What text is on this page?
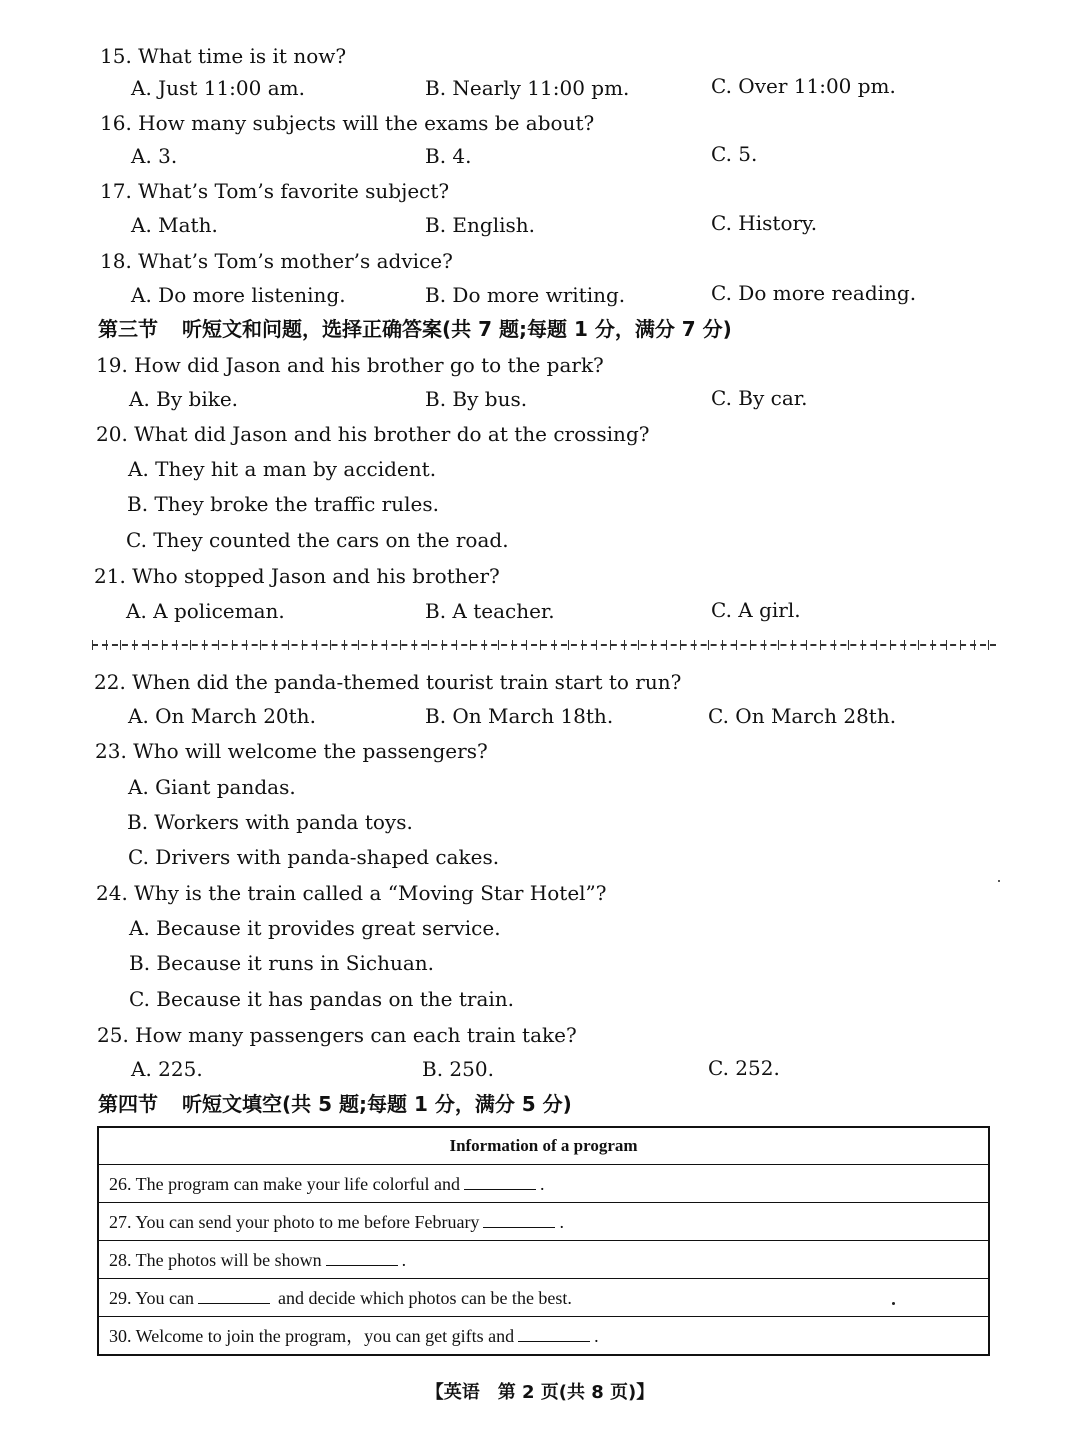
15. What time is it now?
A. Just 11:00 am.	B. Nearly 11:00 pm.	C. Over 11:00 pm.
16. How many subjects will the exams be about?
A. 3.	B. 4.	C. 5.
17. What’s Tom’s favorite subject?
A. Math.	B. English.	C. History.
18. What’s Tom’s mother’s advice?
A. Do more listening.	B. Do more writing.	C. Do more reading.
第三节 听短文和问题，选择正确答案(共 7 题;每题 1 分，满分 7 分)
19. How did Jason and his brother go to the park?
A. By bike.	B. By bus.	C. By car.
20. What did Jason and his brother do at the crossing?
A. They hit a man by accident.
B. They broke the traffic rules.
C. They counted the cars on the road.
21. Who stopped Jason and his brother?
A. A policeman.	B. A teacher.	C. A girl.
22. When did the panda-themed tourist train start to run?
A. On March 20th.	B. On March 18th.	C. On March 28th.
23. Who will welcome the passengers?
A. Giant pandas.
B. Workers with panda toys.
C. Drivers with panda-shaped cakes.
24. Why is the train called a “Moving Star Hotel”?
A. Because it provides great service.
B. Because it runs in Sichuan.
C. Because it has pandas on the train.
25. How many passengers can each train take?
A. 225.	B. 250.	C. 252.
第四节 听短文填空(共 5 题;每题 1 分，满分 5 分)
Information of a program
26. The program can make your life colorful and	.
27. You can send your photo to me before February	.
28. The photos will be shown	.
29. You can	and decide which photos can be the best.
30. Welcome to join the program，you can get gifts and	.
【英语　第 2 页(共 8 页)】
